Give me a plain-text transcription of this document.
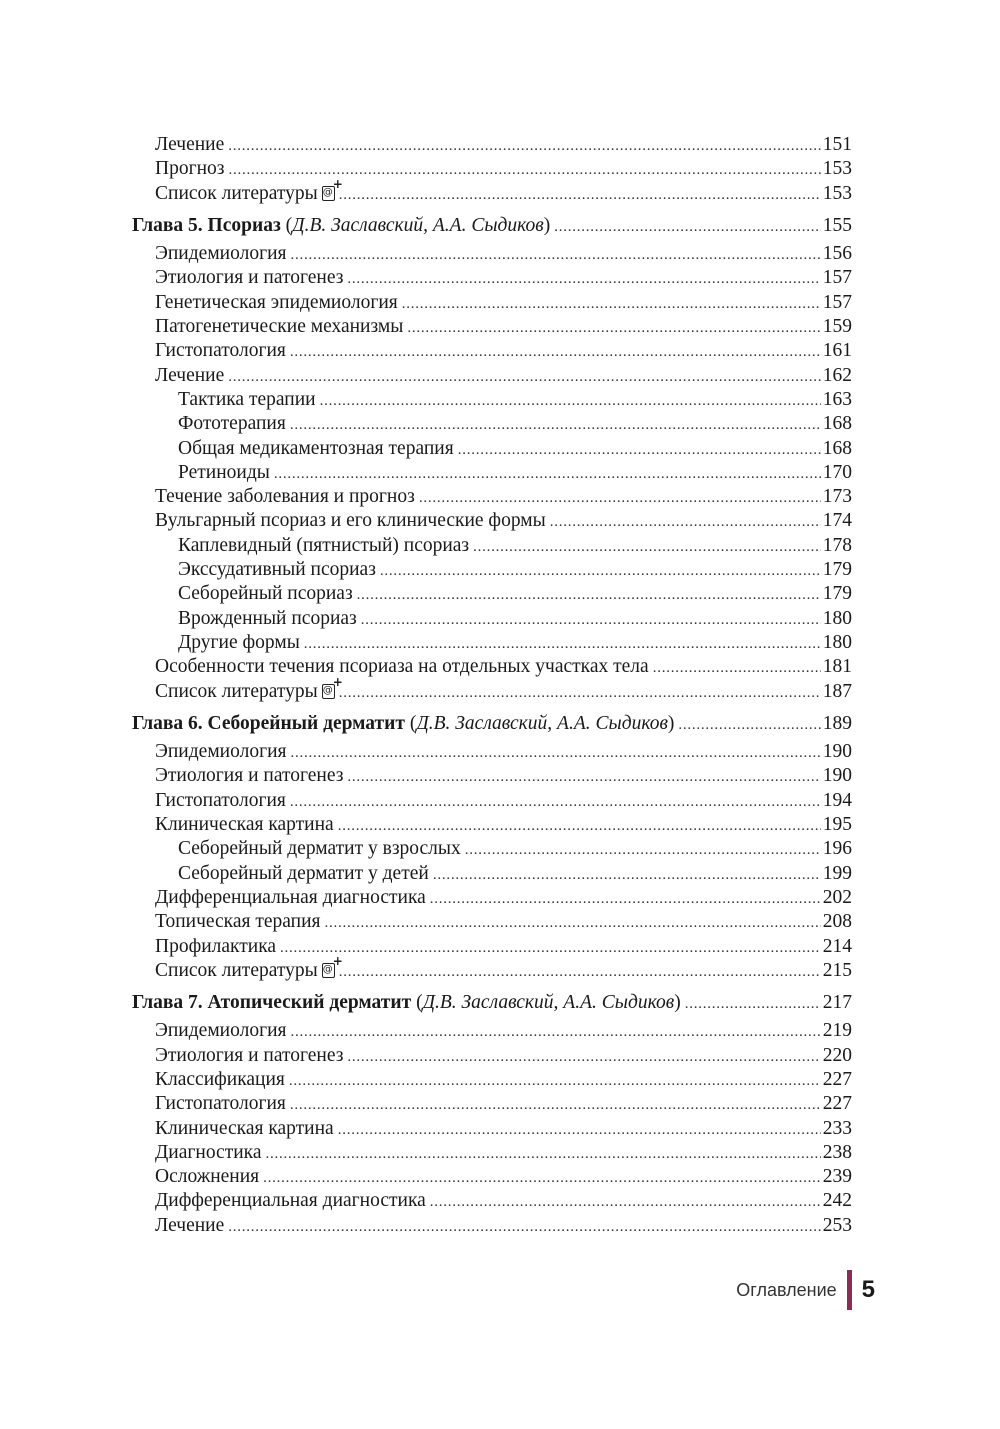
Лечение . . .	151
Прогноз . . .	153
Список литературы @ + . . .	153
Глава 5. Псориаз (Д.В. Заславский, А.А. Сыдиков) . . .	155
Эпидемиология . . .	156
Этиология и патогенез . . .	157
Генетическая эпидемиология . . .	157
Патогенетические механизмы . . .	159
Гистопатология . . .	161
Лечение . . .	162
Тактика терапии . . .	163
Фототерапия . . .	168
Общая медикаментозная терапия . . .	168
Ретиноиды . . .	170
Течение заболевания и прогноз . . .	173
Вульгарный псориаз и его клинические формы . . .	174
Каплевидный (пятнистый) псориаз . . .	178
Экссудативный псориаз . . .	179
Себорейный псориаз . . .	179
Врожденный псориаз . . .	180
Другие формы . . .	180
Особенности течения псориаза на отдельных участках тела . . .	181
Список литературы @ + . . .	187
Глава 6. Себорейный дерматит (Д.В. Заславский, А.А. Сыдиков) . . .	189
Эпидемиология . . .	190
Этиология и патогенез . . .	190
Гистопатология . . .	194
Клиническая картина . . .	195
Себорейный дерматит у взрослых . . .	196
Себорейный дерматит у детей . . .	199
Дифференциальная диагностика . . .	202
Топическая терапия . . .	208
Профилактика . . .	214
Список литературы @ + . . .	215
Глава 7. Атопический дерматит (Д.В. Заславский, А.А. Сыдиков) . . .	217
Эпидемиология . . .	219
Этиология и патогенез . . .	220
Классификация . . .	227
Гистопатология . . .	227
Клиническая картина . . .	233
Диагностика . . .	238
Осложнения . . .	239
Дифференциальная диагностика . . .	242
Лечение . . .	253
Оглавление 5
